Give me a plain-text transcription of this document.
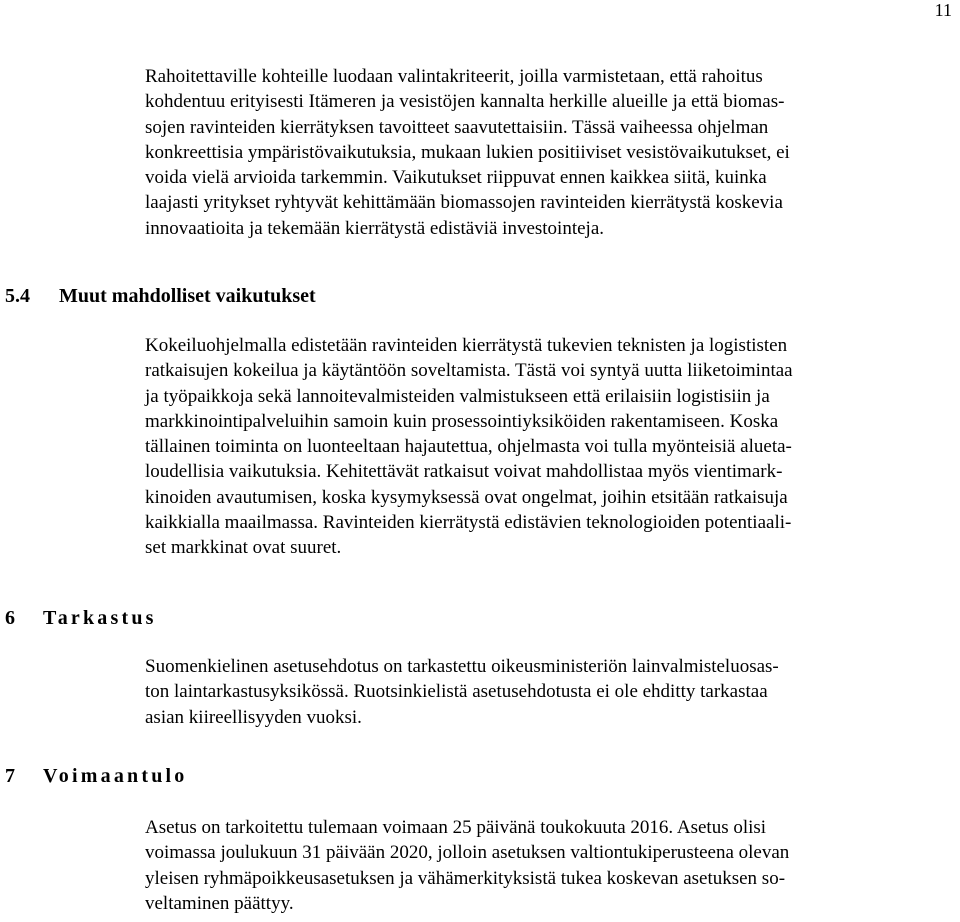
11

Rahoitettaville kohteille luodaan valintakriteerit, joilla varmistetaan, että rahoitus
kohdentuu erityisesti Itämeren ja vesistöjen kannalta herkille alueille ja että biomas-
sojen ravinteiden kierrätyksen tavoitteet saavutettaisiin. Tässä vaiheessa ohjelman
konkreettisia ympäristövaikutuksia, mukaan lukien positiiviset vesistövaikutukset, ei
voida vielä arvioida tarkemmin. Vaikutukset riippuvat ennen kaikkea siitä, kuinka
laajasti yritykset ryhtyvät kehittämään biomassojen ravinteiden kierrätystä koskevia
innovaatioita ja tekemään kierrätystä edistäviä investointeja.

5.4 Muut mahdolliset vaikutukset

Kokeiluohjelmalla edistetään ravinteiden kierrätystä tukevien teknisten ja logististen
ratkaisujen kokeilua ja käytäntöön soveltamista. Tästä voi syntyä uutta liiketoimintaa
ja työpaikkoja sekä lannoitevalmisteiden valmistukseen että erilaisiin logistisiin ja
markkinointipalveluihin samoin kuin prosessointiyksiköiden rakentamiseen. Koska
tällainen toiminta on luonteeltaan hajautettua, ohjelmasta voi tulla myönteisiä alueta-
loudellisia vaikutuksia. Kehitettävät ratkaisut voivat mahdollistaa myös vientimark-
kinoiden avautumisen, koska kysymyksessä ovat ongelmat, joihin etsitään ratkaisuja
kaikkialla maailmassa. Ravinteiden kierrätystä edistävien teknologioiden potentiaali-
set markkinat ovat suuret.

6 Tarkastus

Suomenkielinen asetusehdotus on tarkastettu oikeusministeriön lainvalmisteluosas-
ton laintarkastusyksikössä. Ruotsinkielistä asetusehdotusta ei ole ehditty tarkastaa
asian kiireellisyyden vuoksi.

7 Voimaantulo

Asetus on tarkoitettu tulemaan voimaan 25 päivänä toukokuuta 2016. Asetus olisi
voimassa joulukuun 31 päivään 2020, jolloin asetuksen valtiontukiperusteena olevan
yleisen ryhmäpoikkeusasetuksen ja vähämerkityksistä tukea koskevan asetuksen so-
veltaminen päättyy.
